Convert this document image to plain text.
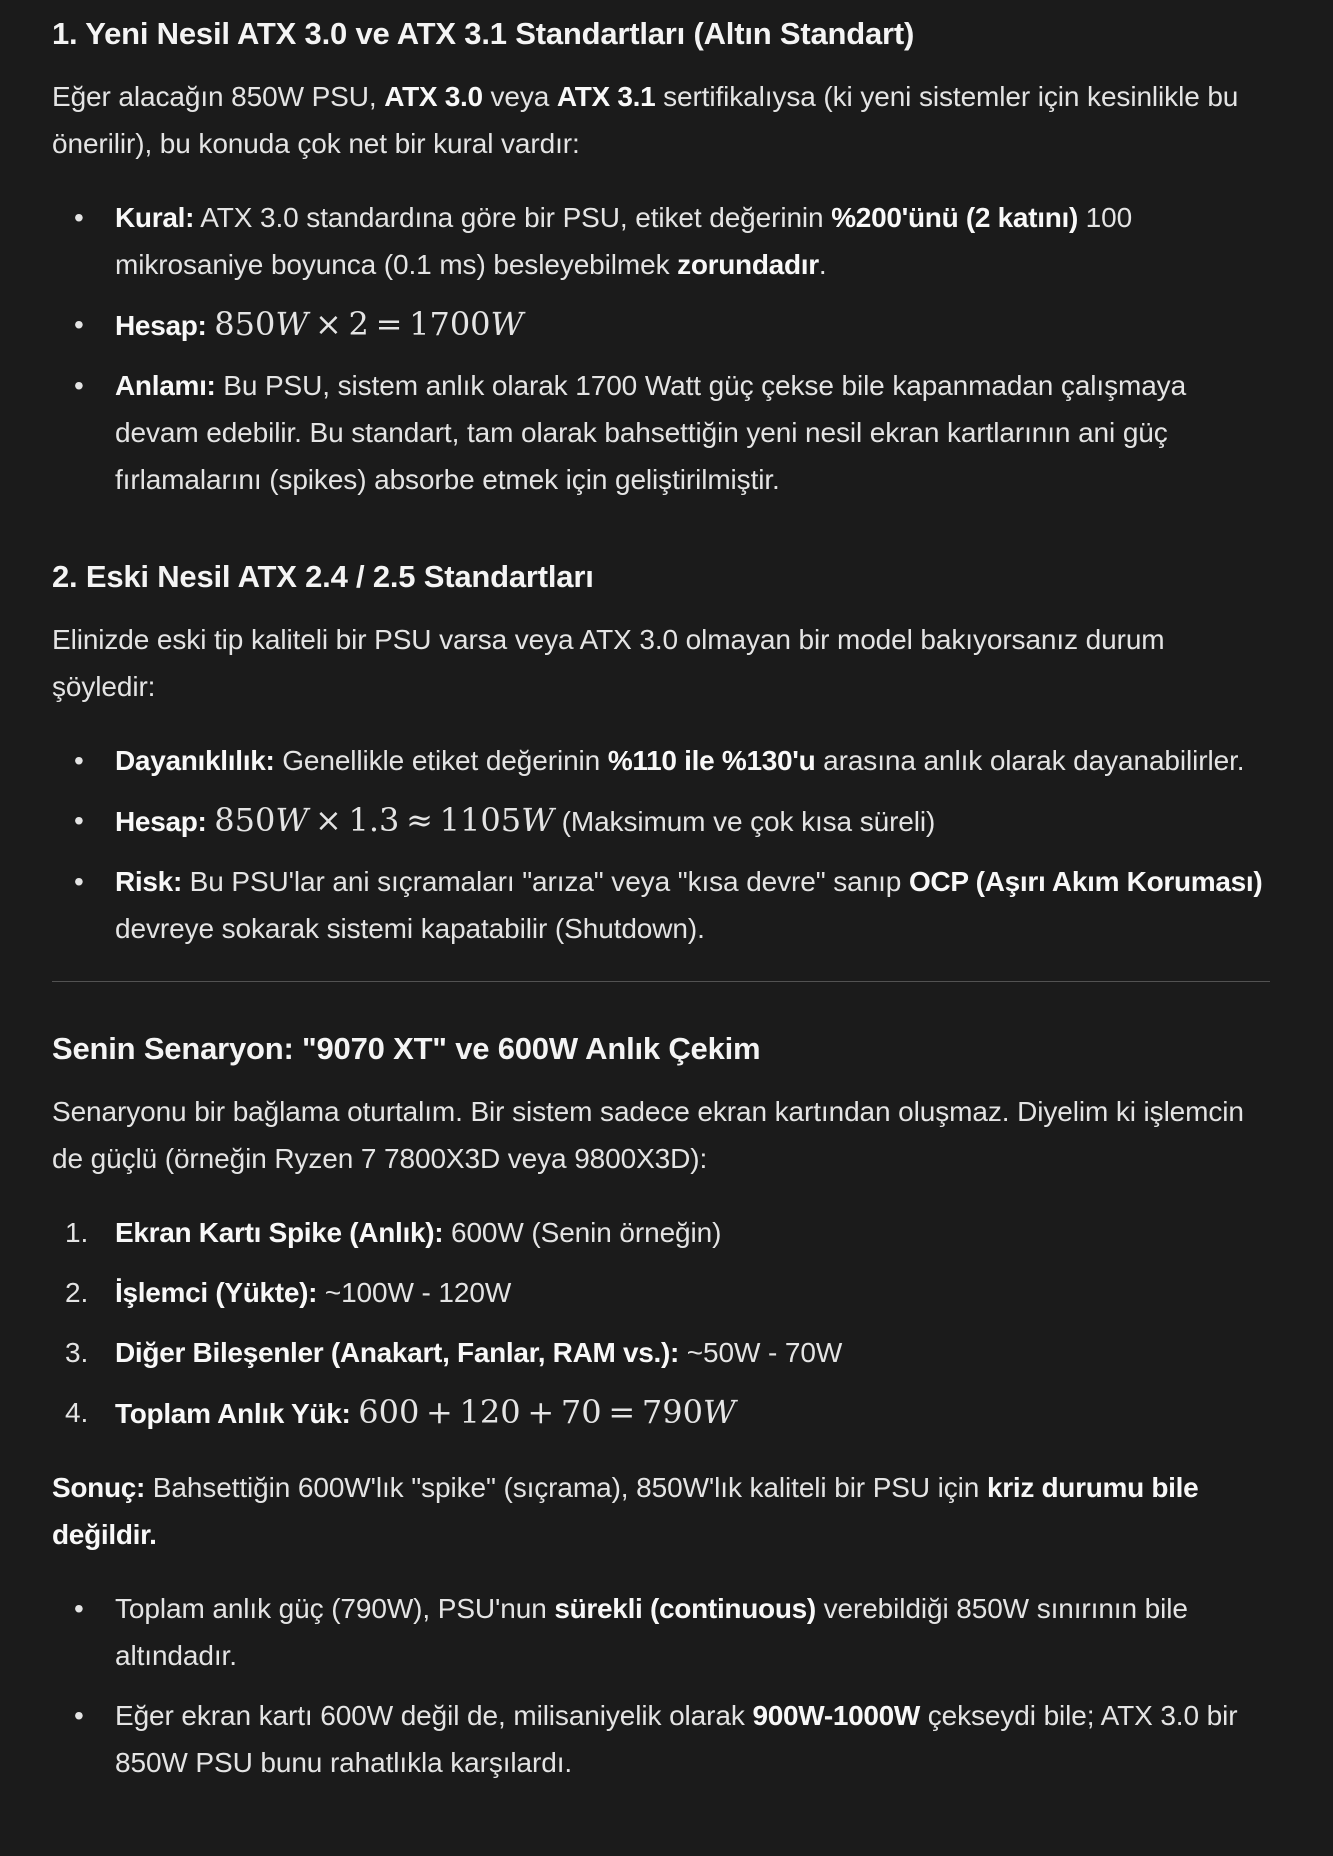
1. Yeni Nesil ATX 3.0 ve ATX 3.1 Standartları (Altın Standart)

Eğer alacağın 850W PSU, ATX 3.0 veya ATX 3.1 sertifikalıysa (ki yeni sistemler için kesinlikle bu önerilir), bu konuda çok net bir kural vardır:

• Kural: ATX 3.0 standardına göre bir PSU, etiket değerinin %200'ünü (2 katını) 100 mikrosaniye boyunca (0.1 ms) besleyebilmek zorundadır.
• Hesap: 850W × 2 = 1700W
• Anlamı: Bu PSU, sistem anlık olarak 1700 Watt güç çekse bile kapanmadan çalışmaya devam edebilir. Bu standart, tam olarak bahsettiğin yeni nesil ekran kartlarının ani güç fırlamalarını (spikes) absorbe etmek için geliştirilmiştir.
2. Eski Nesil ATX 2.4 / 2.5 Standartları

Elinizde eski tip kaliteli bir PSU varsa veya ATX 3.0 olmayan bir model bakıyorsanız durum şöyledir:

• Dayanıklılık: Genellikle etiket değerinin %110 ile %130'u arasına anlık olarak dayanabilirler.
• Hesap: 850W × 1.3 ≈ 1105W (Maksimum ve çok kısa süreli)
• Risk: Bu PSU'lar ani sıçramaları "arıza" veya "kısa devre" sanıp OCP (Aşırı Akım Koruması) devreye sokarak sistemi kapatabilir (Shutdown).
Senin Senaryon: "9070 XT" ve 600W Anlık Çekim

Senaryonu bir bağlama oturtalım. Bir sistem sadece ekran kartından oluşmaz. Diyelim ki işlemcin de güçlü (örneğin Ryzen 7 7800X3D veya 9800X3D):

1. Ekran Kartı Spike (Anlık): 600W (Senin örneğin)
2. İşlemci (Yükte): ~100W - 120W
3. Diğer Bileşenler (Anakart, Fanlar, RAM vs.): ~50W - 70W
4. Toplam Anlık Yük: 600 + 120 + 70 = 790W

Sonuç: Bahsettiğin 600W'lık "spike" (sıçrama), 850W'lık kaliteli bir PSU için kriz durumu bile değildir.

• Toplam anlık güç (790W), PSU'nun sürekli (continuous) verebildiği 850W sınırının bile altındadır.
• Eğer ekran kartı 600W değil de, milisaniyelik olarak 900W-1000W çekseydi bile; ATX 3.0 bir 850W PSU bunu rahatlıkla karşılardı.
